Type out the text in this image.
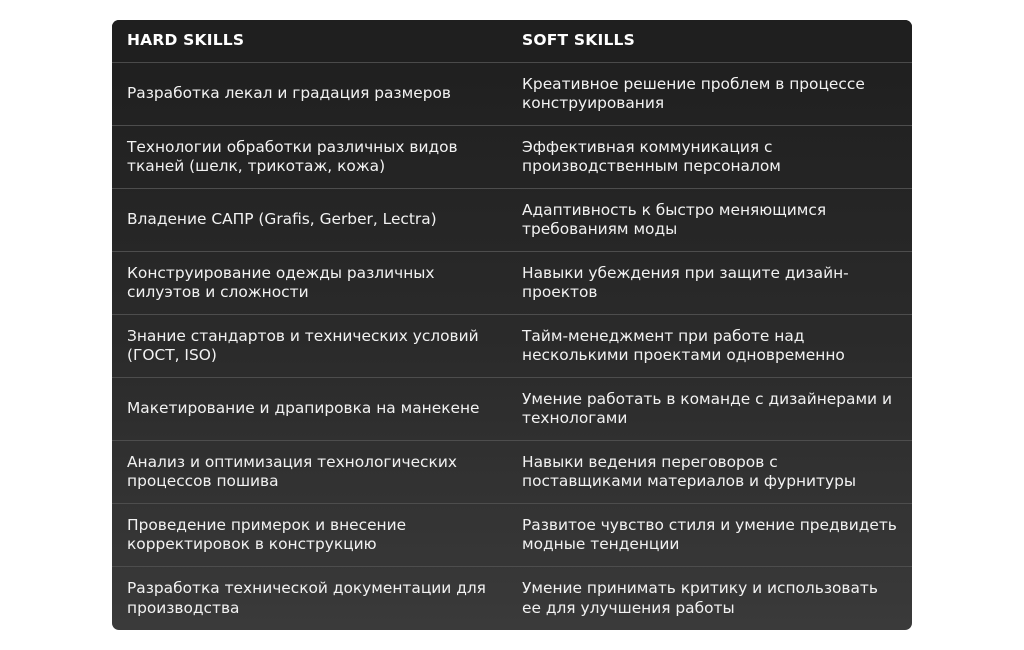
HARD SKILLS	SOFT SKILLS
Разработка лекал и градация размеров
Креативное решение проблем в процессе конструирования
Технологии обработки различных видов тканей (шелк, трикотаж, кожа)
Эффективная коммуникация с производственным персоналом
Владение САПР (Grafis, Gerber, Lectra)
Адаптивность к быстро меняющимся требованиям моды
Конструирование одежды различных силуэтов и сложности
Навыки убеждения при защите дизайн-проектов
Знание стандартов и технических условий (ГОСТ, ISO)
Тайм-менеджмент при работе над несколькими проектами одновременно
Макетирование и драпировка на манекене
Умение работать в команде с дизайнерами и технологами
Анализ и оптимизация технологических процессов пошива
Навыки ведения переговоров с поставщиками материалов и фурнитуры
Проведение примерок и внесение корректировок в конструкцию
Развитое чувство стиля и умение предвидеть модные тенденции
Разработка технической документации для производства
Умение принимать критику и использовать ее для улучшения работы
